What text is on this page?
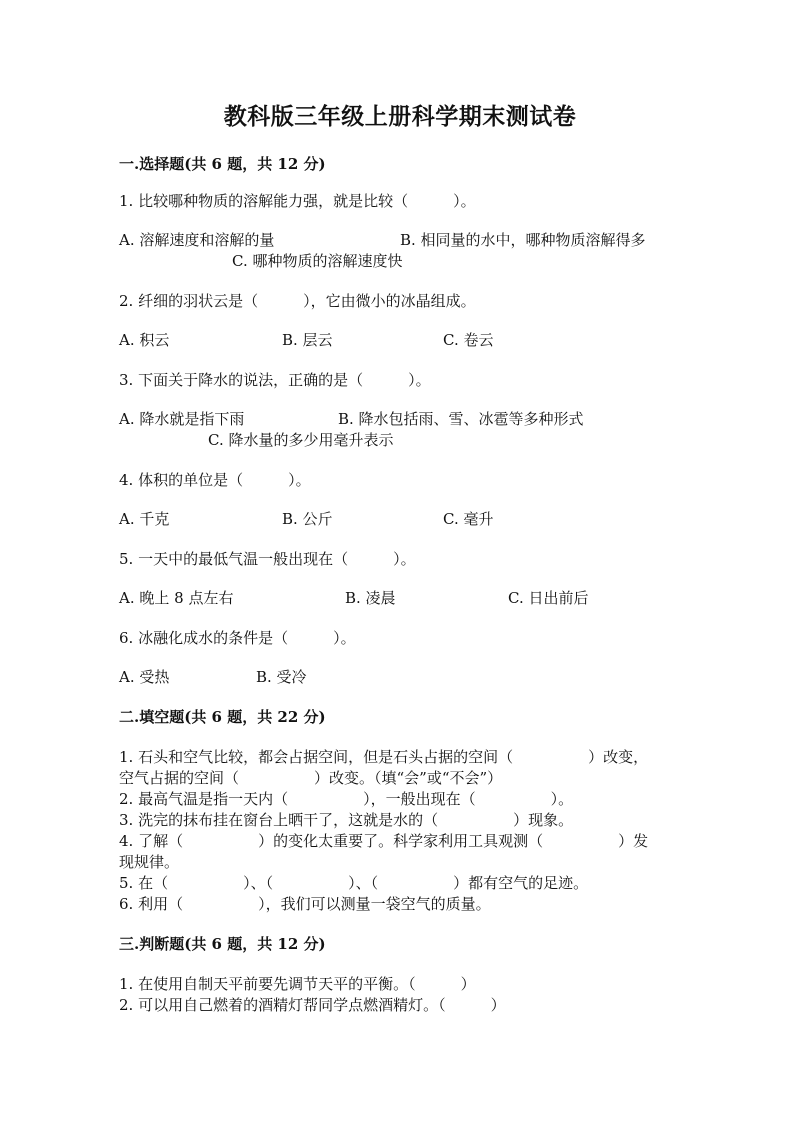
教科版三年级上册科学期末测试卷
一.选择题(共 6 题，共 12 分)
1. 比较哪种物质的溶解能力强，就是比较（　　　）。
A. 溶解速度和溶解的量	B. 相同量的水中，哪种物质溶解得多
C. 哪种物质的溶解速度快
2. 纤细的羽状云是（　　　），它由微小的冰晶组成。
A. 积云	B. 层云	C. 卷云
3. 下面关于降水的说法，正确的是（　　　）。
A. 降水就是指下雨	B. 降水包括雨、雪、冰雹等多种形式
C. 降水量的多少用毫升表示
4. 体积的单位是（　　　）。
A. 千克	B. 公斤	C. 毫升
5. 一天中的最低气温一般出现在（　　　）。
A. 晚上 8 点左右	B. 凌晨	C. 日出前后
6. 冰融化成水的条件是（　　　）。
A. 受热	B. 受冷
二.填空题(共 6 题，共 22 分)
1. 石头和空气比较，都会占据空间，但是石头占据的空间（　　　　　）改变，
空气占据的空间（　　　　　）改变。（填“会”或“不会”）
2. 最高气温是指一天内（　　　　　），一般出现在（　　　　　）。
3. 洗完的抹布挂在窗台上晒干了，这就是水的（　　　　　）现象。
4. 了解（　　　　　）的变化太重要了。科学家利用工具观测（　　　　　）发
现规律。
5. 在（　　　　　）、（　　　　　）、（　　　　　）都有空气的足迹。
6. 利用（　　　　　），我们可以测量一袋空气的质量。
三.判断题(共 6 题，共 12 分)
1. 在使用自制天平前要先调节天平的平衡。（　　　）
2. 可以用自己燃着的酒精灯帮同学点燃酒精灯。（　　　）
